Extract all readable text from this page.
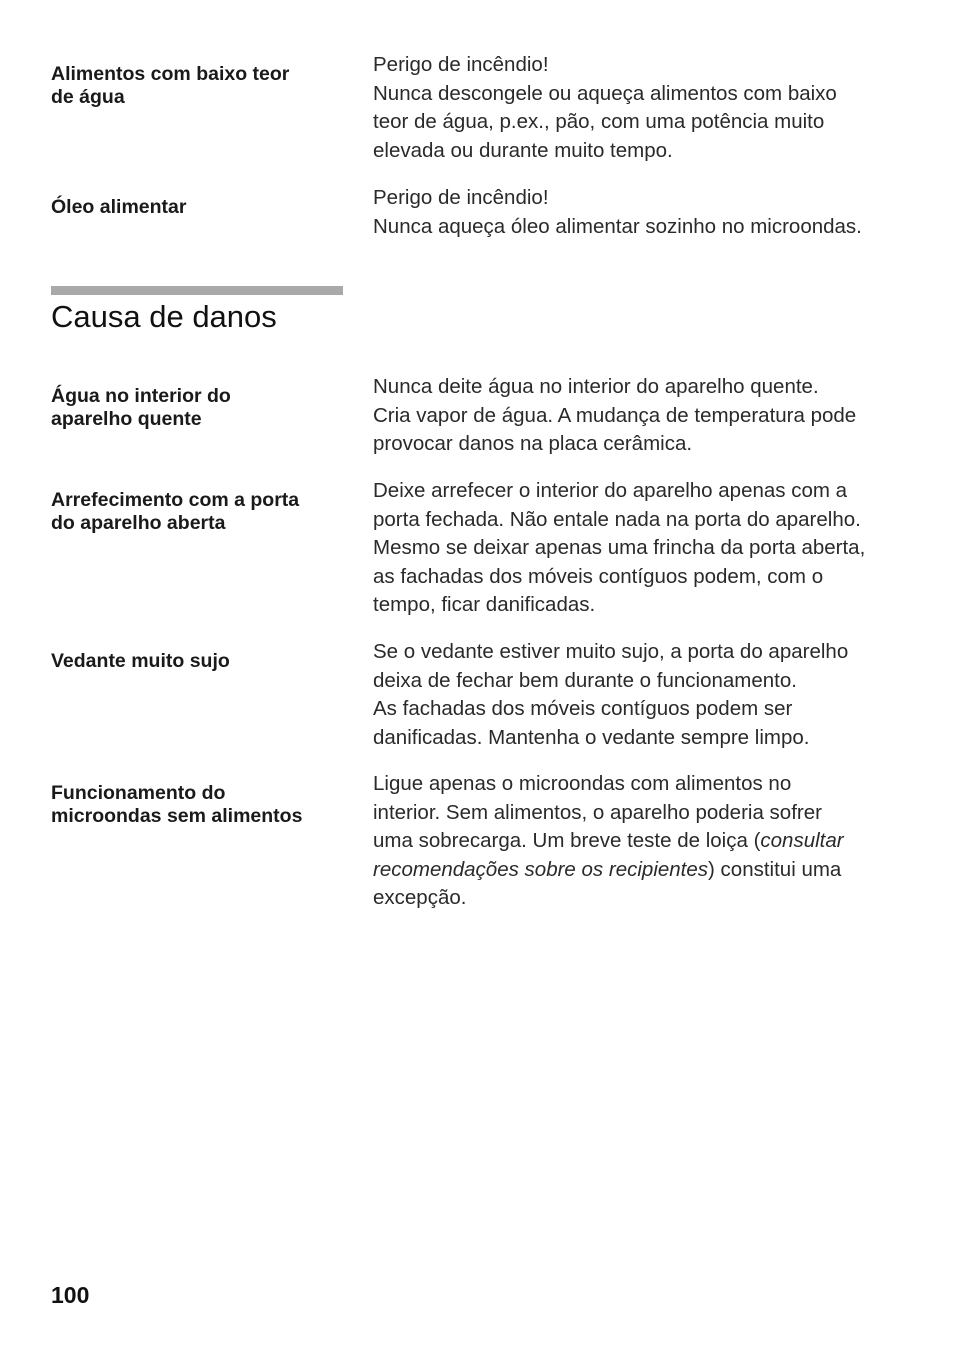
Alimentos com baixo teor
de água
Perigo de incêndio!
Nunca descongele ou aqueça alimentos com baixo
teor de água, p.ex., pão, com uma potência muito
elevada ou durante muito tempo.
Óleo alimentar	Perigo de incêndio!
Nunca aqueça óleo alimentar sozinho no microondas.
Causa de danos
Água no interior do
aparelho quente
Nunca deite água no interior do aparelho quente.
Cria vapor de água. A mudança de temperatura pode
provocar danos na placa cerâmica.
Arrefecimento com a porta
do aparelho aberta
Deixe arrefecer o interior do aparelho apenas com a
porta fechada. Não entale nada na porta do aparelho.
Mesmo se deixar apenas uma frincha da porta aberta,
as fachadas dos móveis contíguos podem, com o
tempo, ficar danificadas.
Vedante muito sujo	Se o vedante estiver muito sujo, a porta do aparelho
deixa de fechar bem durante o funcionamento.
As fachadas dos móveis contíguos podem ser
danificadas. Mantenha o vedante sempre limpo.
Funcionamento do
microondas sem alimentos
Ligue apenas o microondas com alimentos no
interior. Sem alimentos, o aparelho poderia sofrer
uma sobrecarga. Um breve teste de loiça (consultar
recomendações sobre os recipientes) constitui uma
excepção.
100
